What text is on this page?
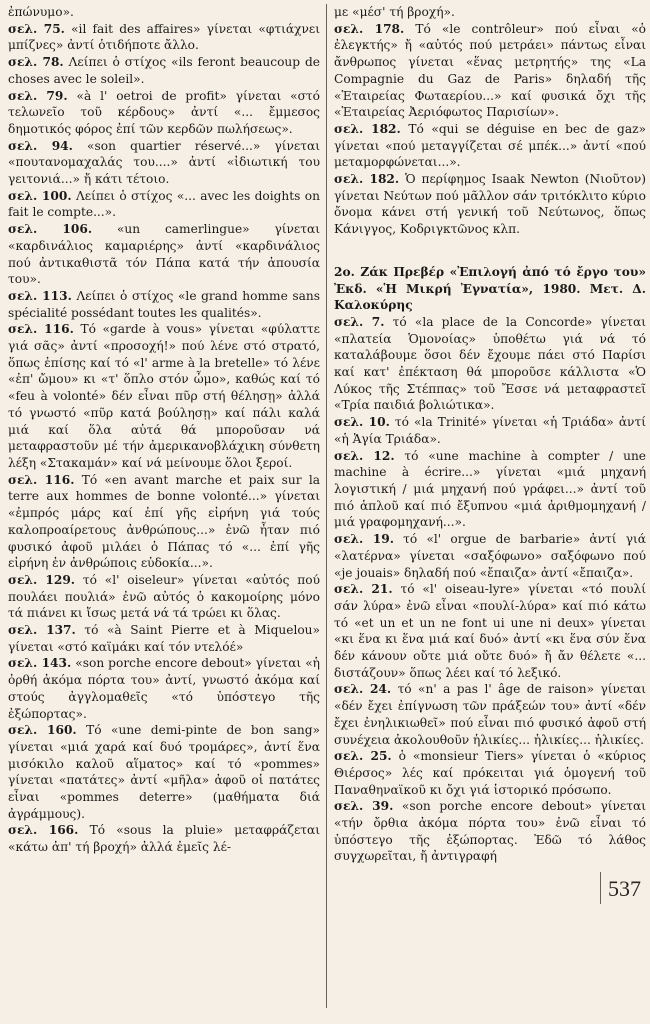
ἐπώνυμο».

σελ. 75. «il fait des affaires» γίνεται «φτιάχνει μπίζνες» ἀντί ὁτιδήποτε ἄλλο.

σελ. 78. Λείπει ὁ στίχος «ils feront beaucoup de choses avec le soleil».

σελ. 79. «à l' oetroi de profit» γίνεται «στό τελωνεῖο τοῦ κέρδους» ἀντί «... ἔμμεσος δημοτικός φόρος ἐπί τῶν κερδῶν πωλήσεως».

σελ. 94. «son quartier réservé...» γίνεται «πουτανομαχαλάς του....» ἀντί «ἰδιωτική του γειτονιά...» ἤ κάτι τέτοιο.

σελ. 100. Λείπει ὁ στίχος «... avec les doights on fait le compte...».

σελ. 106. «un camerlingue» γίνεται «καρδινάλιος καμαριέρης» ἀντί «καρδινάλιος πού ἀντικαθιστᾶ τόν Πάπα κατά τήν ἀπουσία του».

σελ. 113. Λείπει ὁ στίχος «le grand homme sans spécialité possédant toutes les qualités».

σελ. 116. Τό «garde à vous» γίνεται «φύλαττε γιά σᾶς» ἀντί «προσοχή!» πού λένε στό στρατό, ὅπως ἐπίσης καί τό «l' arme à la bretelle» τό λένε «ἐπ' ὤμου» κι «τ' ὅπλο στόν ὦμο», καθώς καί τό «feu à volonté» δέν εἶναι πῦρ στή θέλησῃ» ἀλλά τό γνωστό «πῦρ κατά βούλησῃ» καί πάλι καλά μιά καί ὅλα αὐτά θά μποροῦσαν νά μεταφραστοῦν μέ τήν ἀμερικανοβλάχικη σύνθετη λέξη «Στακαμάν» καί νά μείνουμε ὅλοι ξεροί.

σελ. 116. Τό «en avant marche et paix sur la terre aux hommes de bonne volonté...» γίνεται «ἐμπρός μάρς καί ἐπί γῆς εἰρήνη γιά τούς καλοπροαίρετους ἀνθρώπους...» ἐνῶ ἦταν πιό φυσικό ἀφοῦ μιλάει ὁ Πάπας τό «... ἐπί γῆς εἰρήνη ἐν ἀνθρώποις εὐδοκία...».

σελ. 129. τό «l' oiseleur» γίνεται «αὐτός πού πουλάει πουλιά» ἐνῶ αὐτός ὁ κακομοίρης μόνο τά πιάνει κι ἴσως μετά νά τά τρώει κι ὅλας.

σελ. 137. τό «à Saint Pierre et à Miquelou» γίνεται «στό καϊμάκι καί τόν ντελόέ»

σελ. 143. «son porche encore debout» γίνεται «ἡ ὀρθή ἀκόμα πόρτα του» ἀντί, γνωστό ἀκόμα καί στούς ἀγγλομαθεῖς «τό ὑπόστεγο τῆς ἐξώπορτας».

σελ. 160. Τό «une demi-pinte de bon sang» γίνεται «μιά χαρά καί δυό τρομάρες», ἀντί ἕνα μισόκιλο καλοῦ αἵματος» καί τό «pommes» γίνεται «πατάτες» ἀντί «μῆλα» ἀφοῦ οἱ πατάτες εἶναι «pommes deterre» (μαθήματα διά ἀγράμμους).

σελ. 166. Τό «sous la pluie» μεταφράζεται «κάτω ἀπ' τή βροχή» ἀλλά ἐμεῖς λέ-

με «μέσ' τή βροχή».

σελ. 178. Τό «le contrôleur» πού εἶναι «ὁ ἐλεγκτής» ἤ «αὐτός πού μετράει» πάντως εἶναι ἄνθρωπος γίνεται «ἕνας μετρητής» της «La Compagnie du Gaz de Paris» δηλαδή τῆς «Ἑταιρείας Φωταερίου...» καί φυσικά ὄχι τῆς «Ἑταιρείας Ἀεριόφωτος Παρισίων».

σελ. 182. Τό «qui se déguise en bec de gaz» γίνεται «πού μεταγγίζεται σέ μπέκ...» ἀντί «πού μεταμορφώνεται...».

σελ. 182. Ὁ περίφημος Isaak Newton (Νιοῦτον) γίνεται Νεύτων πού μᾶλλον σάν τριτόκλιτο κύριο ὄνομα κάνει στή γενική τοῦ Νεύτωνος, ὅπως Κάνιγγος, Κοδριγκτῶνος κλπ.

2ο. Ζάκ Πρεβέρ «Ἐπιλογή ἀπό τό ἔργο του» Ἐκδ. «Ἡ Μικρή Ἐγνατία», 1980. Μετ. Δ. Καλοκύρης

σελ. 7. τό «la place de la Concorde» γίνεται «πλατεία Ὁμονοίας» ὑποθέτω γιά νά τό καταλάβουμε ὅσοι δέν ἔχουμε πάει στό Παρίσι καί κατ' ἐπέκταση θά μποροῦσε κάλλιστα «Ὁ Λύκος τῆς Στέππας» τοῦ Ἔσσε νά μεταφραστεῖ «Τρία παιδιά βολιώτικα».

σελ. 10. τό «la Trinité» γίνεται «ἡ Τριάδα» ἀντί «ἡ Ἁγία Τριάδα».

σελ. 12. τό «une machine à compter / une machine à écrire...» γίνεται «μιά μηχανή λογιστική / μιά μηχανή πού γράφει...» ἀντί τοῦ πιό ἁπλοῦ καί πιό ἔξυπνου «μιά ἀριθμομηχανή / μιά γραφομηχανή...».

σελ. 19. τό «l' orgue de barbarie» ἀντί γιά «λατέρνα» γίνεται «σαξόφωνο» σαξόφωνο πού «je jouais» δηλαδή πού «ἔπαιζα» ἀντί «ἔπαιζα».

σελ. 21. τό «l' oiseau-lyre» γίνεται «τό πουλί σάν λύρα» ἐνῶ εἶναι «πουλί-λύρα» καί πιό κάτω τό «et un et un ne font ui une ni deux» γίνεται «κι ἕνα κι ἕνα μιά καί δυό» ἀντί «κι ἕνα σύν ἕνα δέν κάνουν οὔτε μιά οὔτε δυό» ἤ ἄν θέλετε «... διστάζουν» ὅπως λέει καί τό λεξικό.

σελ. 24. τό «n' a pas l' âge de raison» γίνεται «δέν ἔχει ἐπίγνωση τῶν πράξεών του» ἀντί «δέν ἔχει ἐνηλικιωθεῖ» πού εἶναι πιό φυσικό ἀφοῦ στή συνέχεια ἀκολουθοῦν ἡλικίες... ἡλικίες... ἡλικίες.

σελ. 25. ὁ «monsieur Tiers» γίνεται ὁ «κύριος Θιέρσος» λές καί πρόκειται γιά ὁμογενή τοῦ Παναθηναϊκοῦ κι ὄχι γιά ἱστορικό πρόσωπο.

σελ. 39. «son porche encore debout» γίνεται «τήν ὄρθια ἀκόμα πόρτα του» ἐνῶ εἶναι τό ὑπόστεγο τῆς ἐξώπορτας. Ἐδῶ τό λάθος συγχωρεῖται, ἤ ἀντιγραφή

537
